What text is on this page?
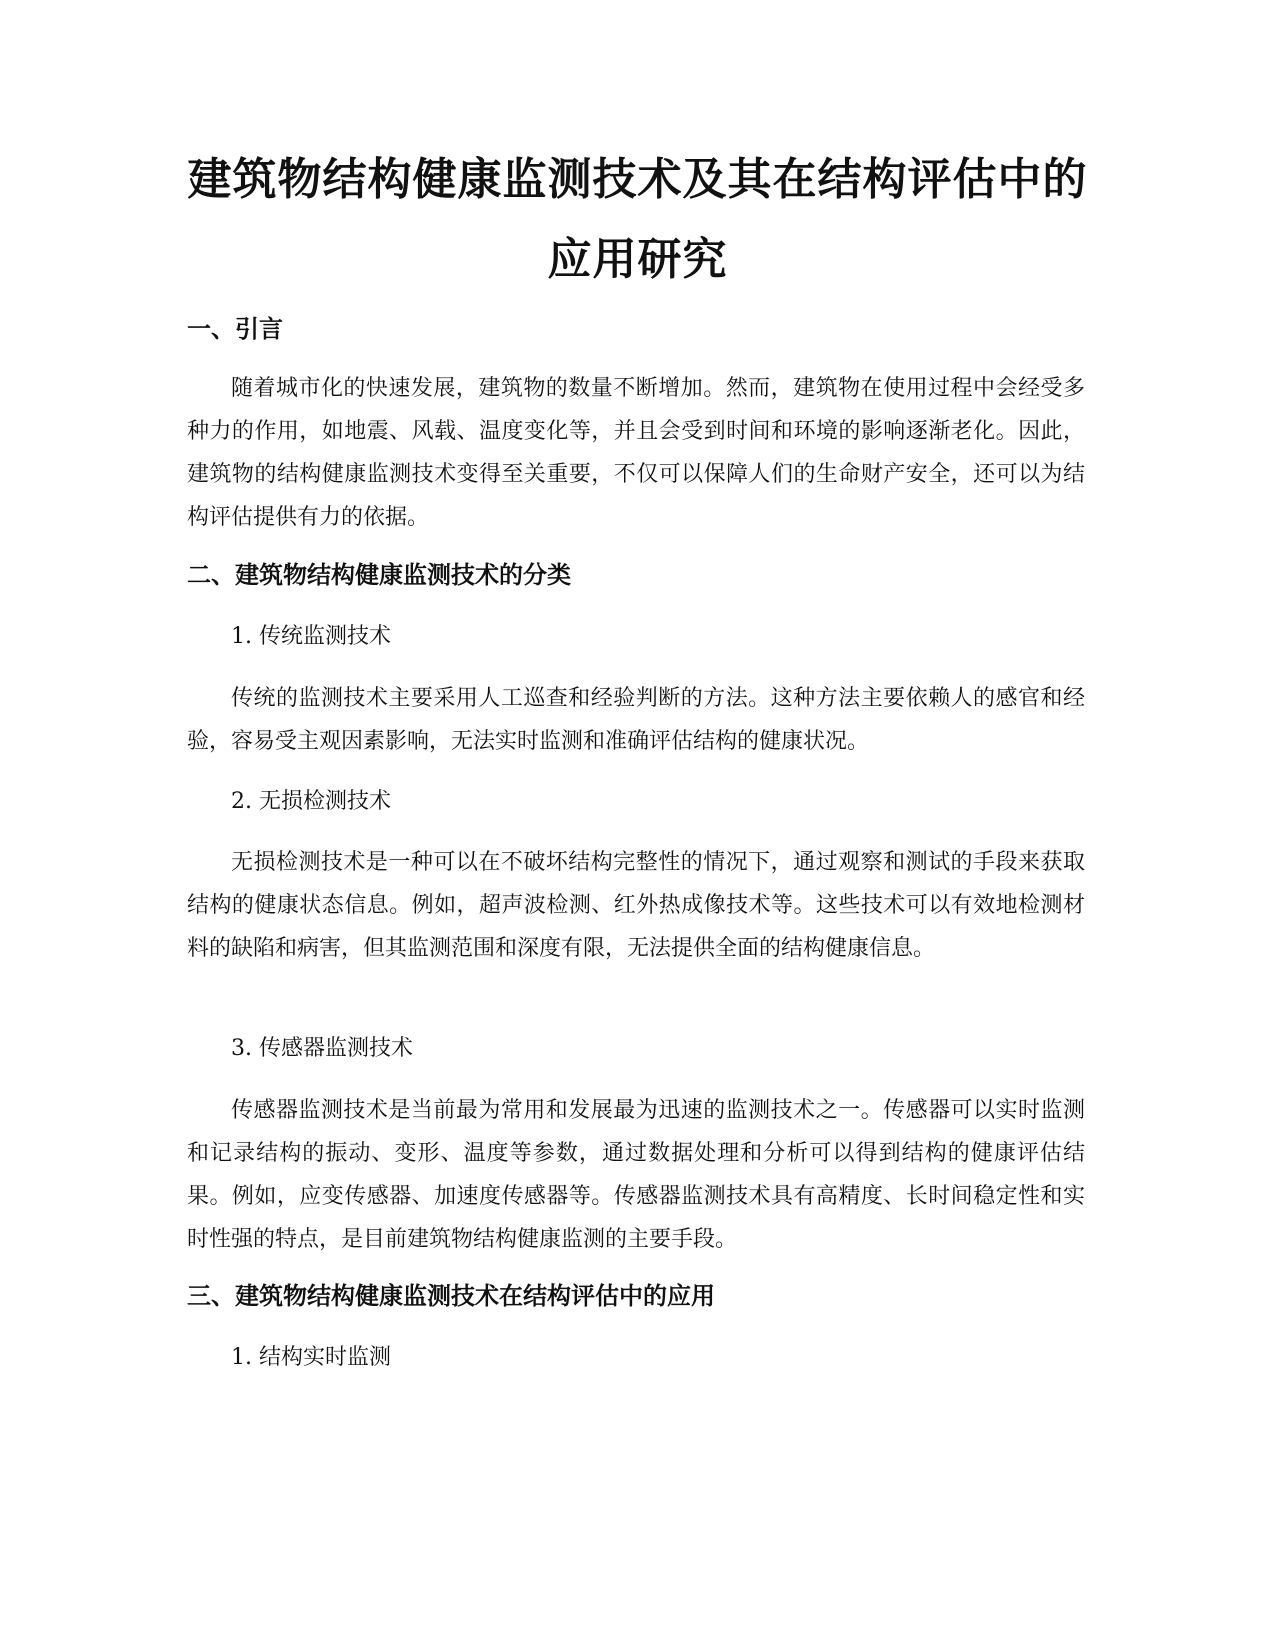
建筑物结构健康监测技术及其在结构评估中的应用研究
一、引言

随着城市化的快速发展，建筑物的数量不断增加。然而，建筑物在使用过程中会经受多种力的作用，如地震、风载、温度变化等，并且会受到时间和环境的影响逐渐老化。因此，建筑物的结构健康监测技术变得至关重要，不仅可以保障人们的生命财产安全，还可以为结构评估提供有力的依据。

二、建筑物结构健康监测技术的分类
1. 传统监测技术

传统的监测技术主要采用人工巡查和经验判断的方法。这种方法主要依赖人的感官和经验，容易受主观因素影响，无法实时监测和准确评估结构的健康状况。

2. 无损检测技术

无损检测技术是一种可以在不破坏结构完整性的情况下，通过观察和测试的手段来获取结构的健康状态信息。例如，超声波检测、红外热成像技术等。这些技术可以有效地检测材料的缺陷和病害，但其监测范围和深度有限，无法提供全面的结构健康信息。

3. 传感器监测技术

传感器监测技术是当前最为常用和发展最为迅速的监测技术之一。传感器可以实时监测和记录结构的振动、变形、温度等参数，通过数据处理和分析可以得到结构的健康评估结果。例如，应变传感器、加速度传感器等。传感器监测技术具有高精度、长时间稳定性和实时性强的特点，是目前建筑物结构健康监测的主要手段。

三、建筑物结构健康监测技术在结构评估中的应用
1. 结构实时监测
